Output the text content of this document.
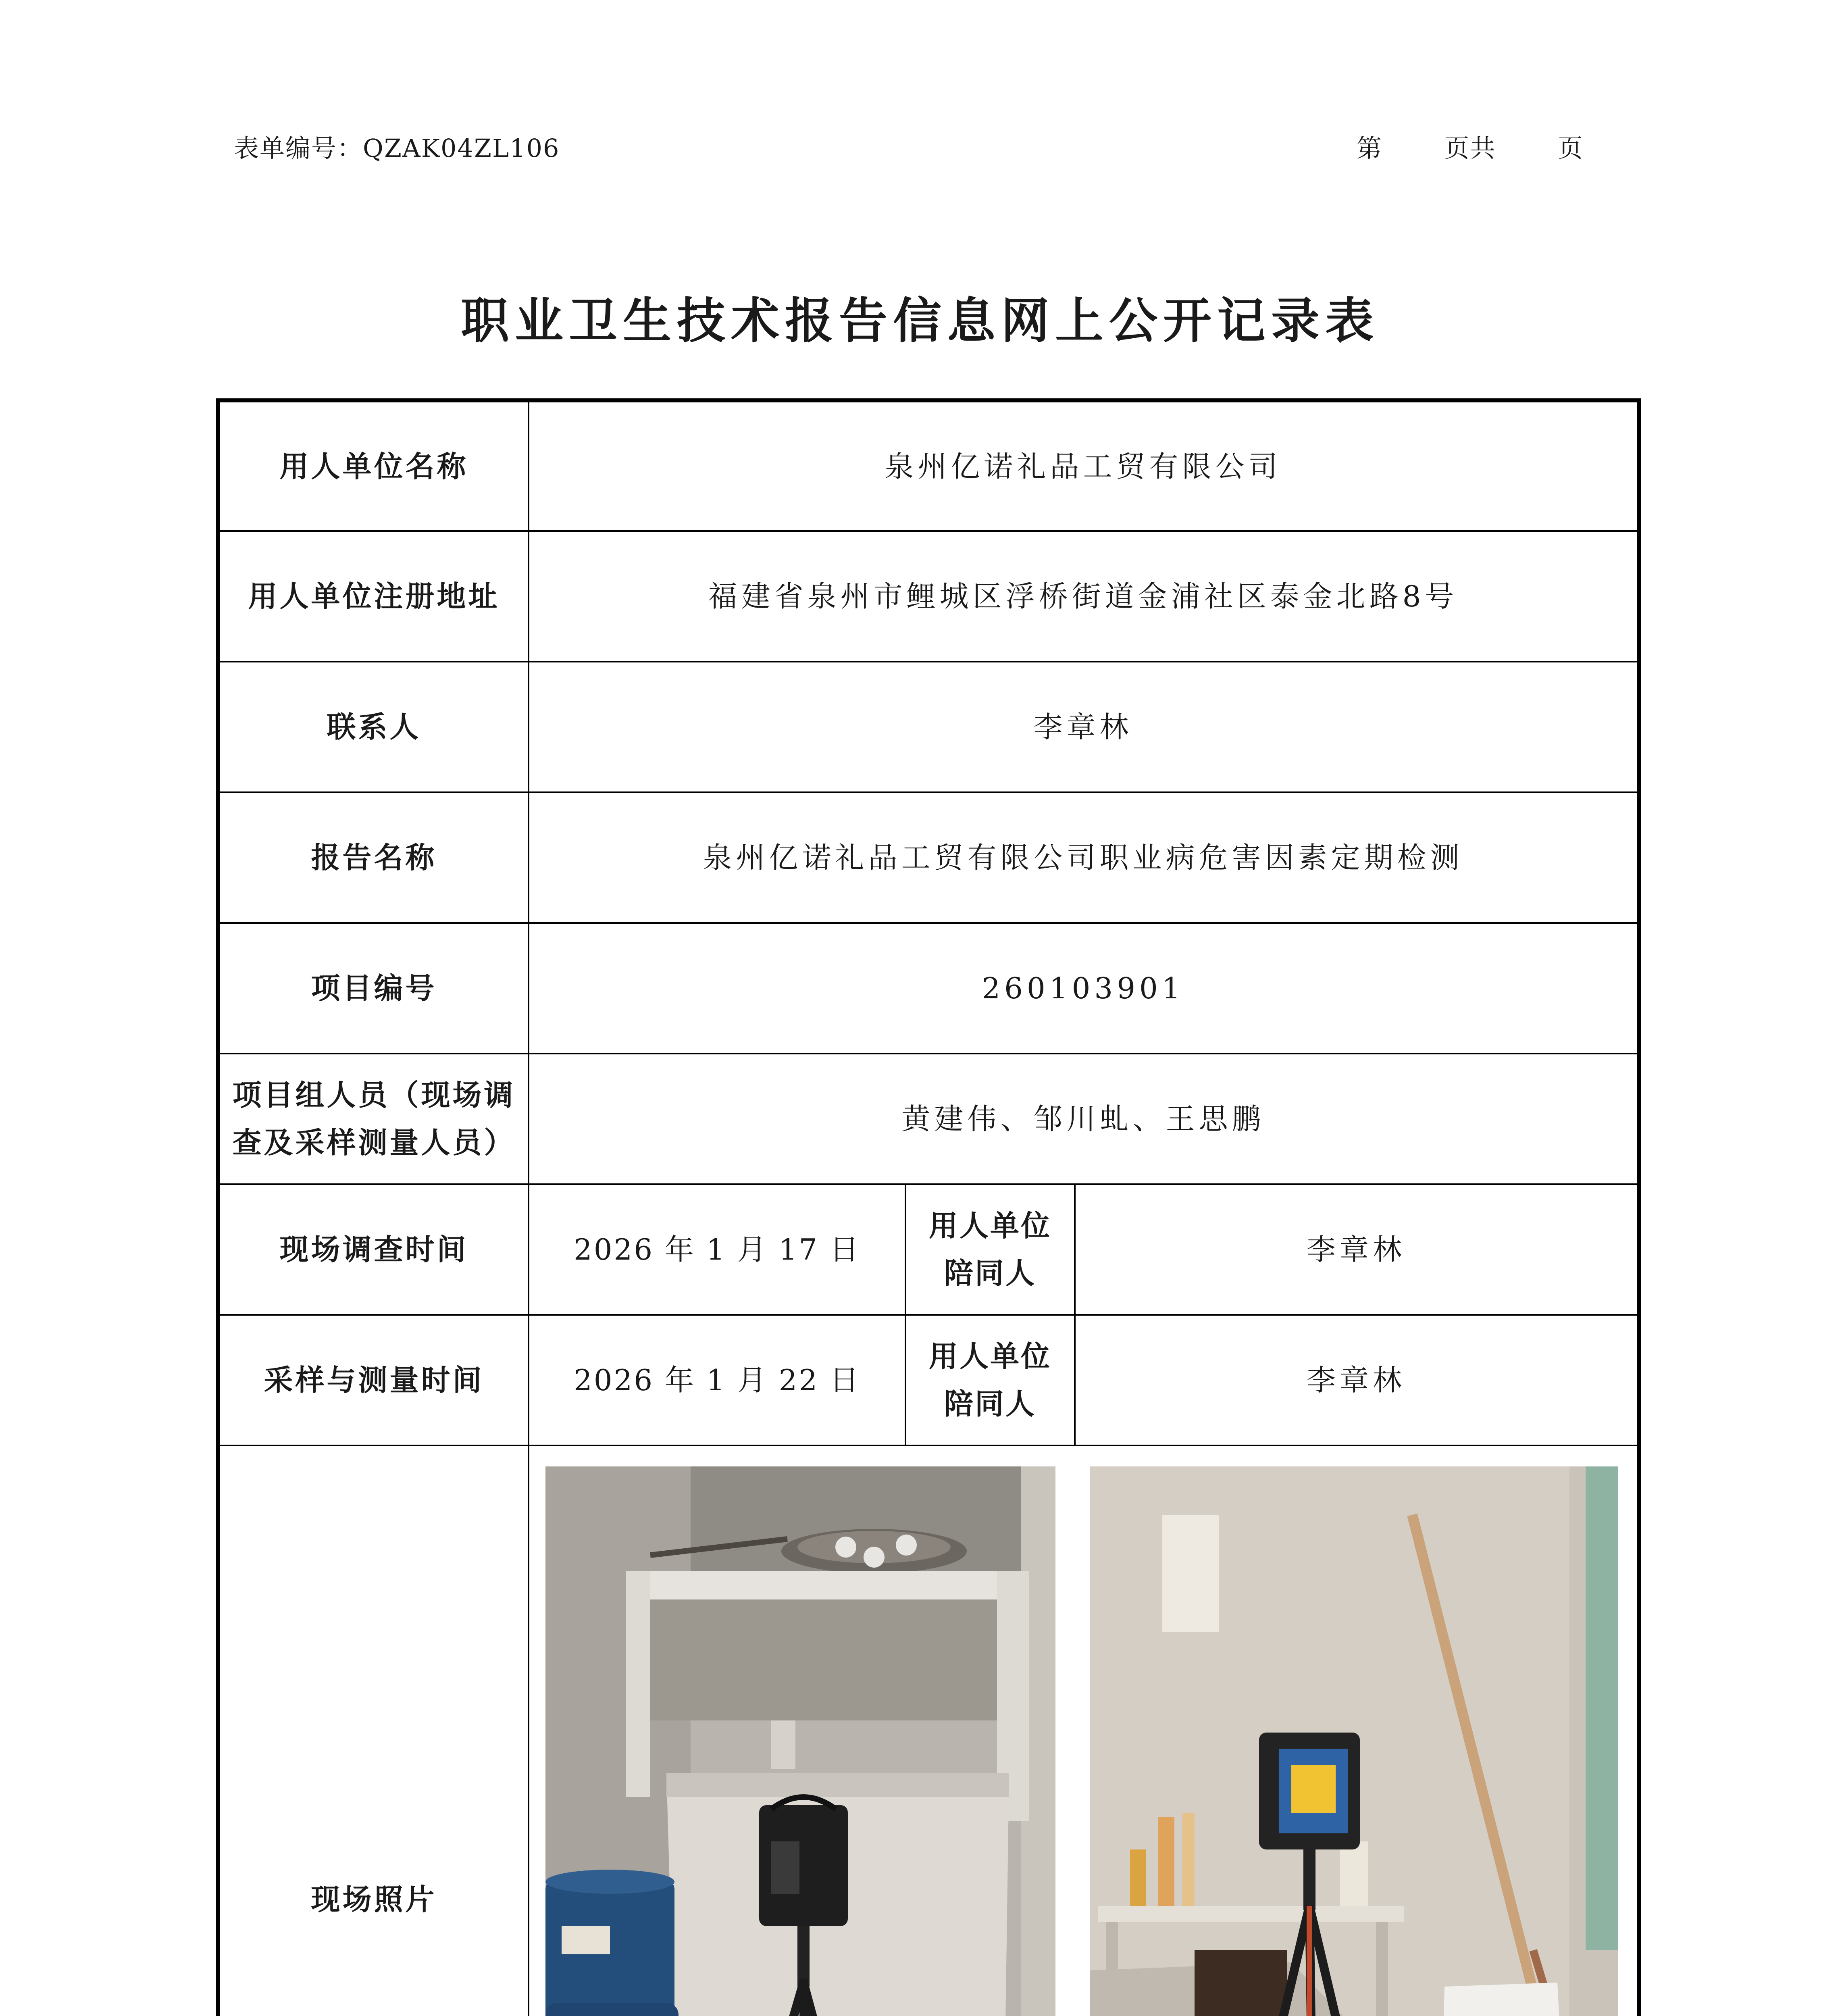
表单编号：QZAK04ZL106	第 页共 页
职业卫生技术报告信息网上公开记录表
用人单位名称	泉州亿诺礼品工贸有限公司		
用人单位注册地址	福建省泉州市鲤城区浮桥街道金浦社区泰金北路8号		
联系人	李章林		
报告名称	泉州亿诺礼品工贸有限公司职业病危害因素定期检测		
项目编号	260103901		

项目组人员（现场调
查及采样测量人员）	黄建伟、邹川虬、王思鹏		
现场调查时间	2026 年 1 月 17 日	用人单位
陪同人	李章林
采样与测量时间	2026 年 1 月 22 日	用人单位
陪同人	李章林
现场照片	
